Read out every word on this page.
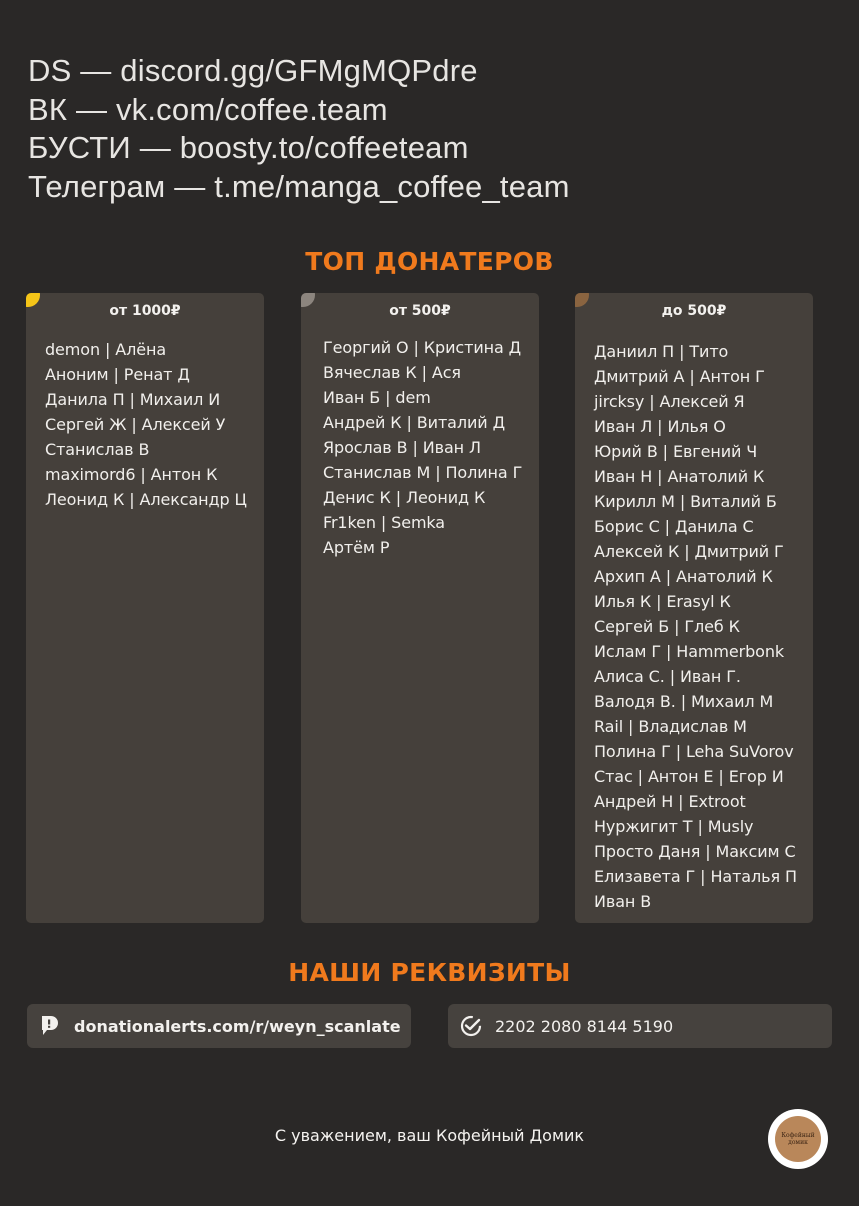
DS — discord.gg/GFMgMQPdre
ВК — vk.com/coffee.team
БУСТИ — boosty.to/coffeeteam
Телеграм — t.me/manga_coffee_team
ТОП ДОНАТЕРОВ
от 1000₽
demon | Алёна
Аноним | Ренат Д
Данила П | Михаил И
Сергей Ж | Алексей У
Станислав В
maximord6 | Антон К
Леонид К | Александр Ц
от 500₽
Георгий О | Кристина Д
Вячеслав К | Ася
Иван Б | dem
Андрей К | Виталий Д
Ярослав В | Иван Л
Станислав М | Полина Г
Денис К | Леонид К
Fr1ken | Semka
Артём Р
до 500₽
Даниил П | Тито
Дмитрий А | Антон Г
jircksy | Алексей Я
Иван Л | Илья О
Юрий В | Евгений Ч
Иван Н | Анатолий К
Кирилл М | Виталий Б
Борис С | Данила С
Алексей К | Дмитрий Г
Архип А | Анатолий К
Илья К | Erasyl К
Сергей Б | Глеб К
Ислам Г | Hammerbonk
Алиса С. | Иван Г.
Валодя В. | Михаил М
Rail | Владислав М
Полина Г | Leha SuVorov
Стас | Антон Е | Егор И
Андрей Н | Extroot
Нуржигит Т | Musly
Просто Даня | Максим С
Елизавета Г | Наталья П
Иван В
НАШИ РЕКВИЗИТЫ
donationalerts.com/r/weyn_scanlate	2202 2080 8144 5190
С уважением, ваш Кофейный Домик	Кофейный домик
